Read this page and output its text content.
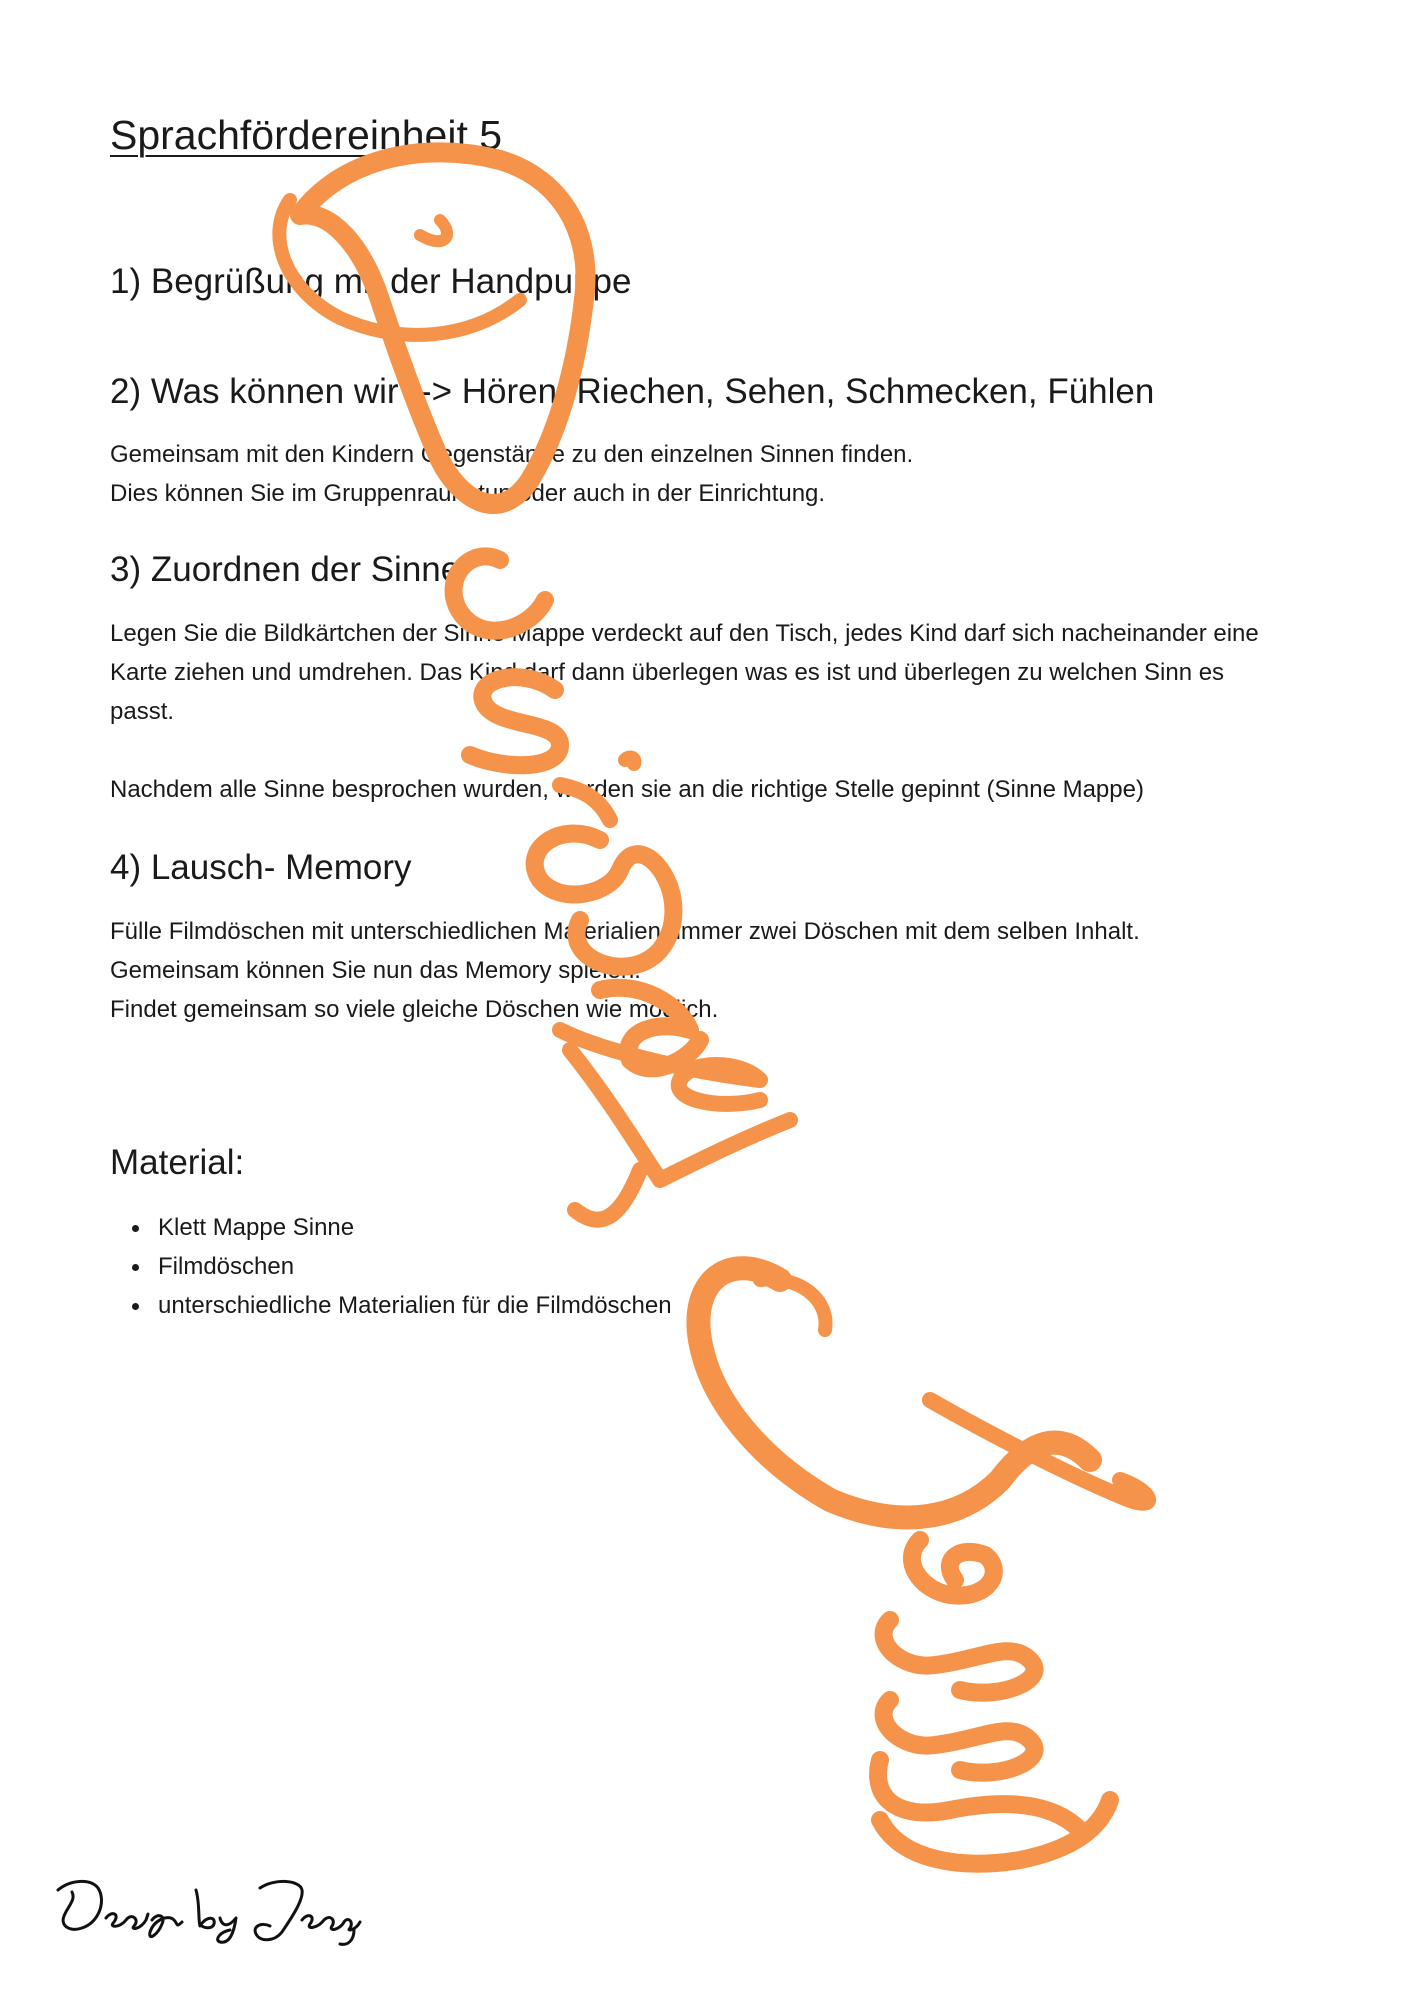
Sprachfördereinheit 5
1) Begrüßung mit der Handpuppe
2) Was können wir --> Hören, Riechen, Sehen, Schmecken, Fühlen

Gemeinsam mit den Kindern Gegenstände zu den einzelnen Sinnen finden.
Dies können Sie im Gruppenraum tun oder auch in der Einrichtung.

3) Zuordnen der Sinne

Legen Sie die Bildkärtchen der Sinne Mappe verdeckt auf den Tisch, jedes Kind darf sich nacheinander eine
Karte ziehen und umdrehen. Das Kind darf dann überlegen was es ist und überlegen zu welchen Sinn es
passt.

Nachdem alle Sinne besprochen wurden, werden sie an die richtige Stelle gepinnt (Sinne Mappe)

4) Lausch- Memory

Fülle Filmdöschen mit unterschiedlichen Materialien- immer zwei Döschen mit dem selben Inhalt.
Gemeinsam können Sie nun das Memory spielen.
Findet gemeinsam so viele gleiche Döschen wie möglich.

Material:
Klett Mappe Sinne
Filmdöschen
unterschiedliche Materialien für die Filmdöschen
